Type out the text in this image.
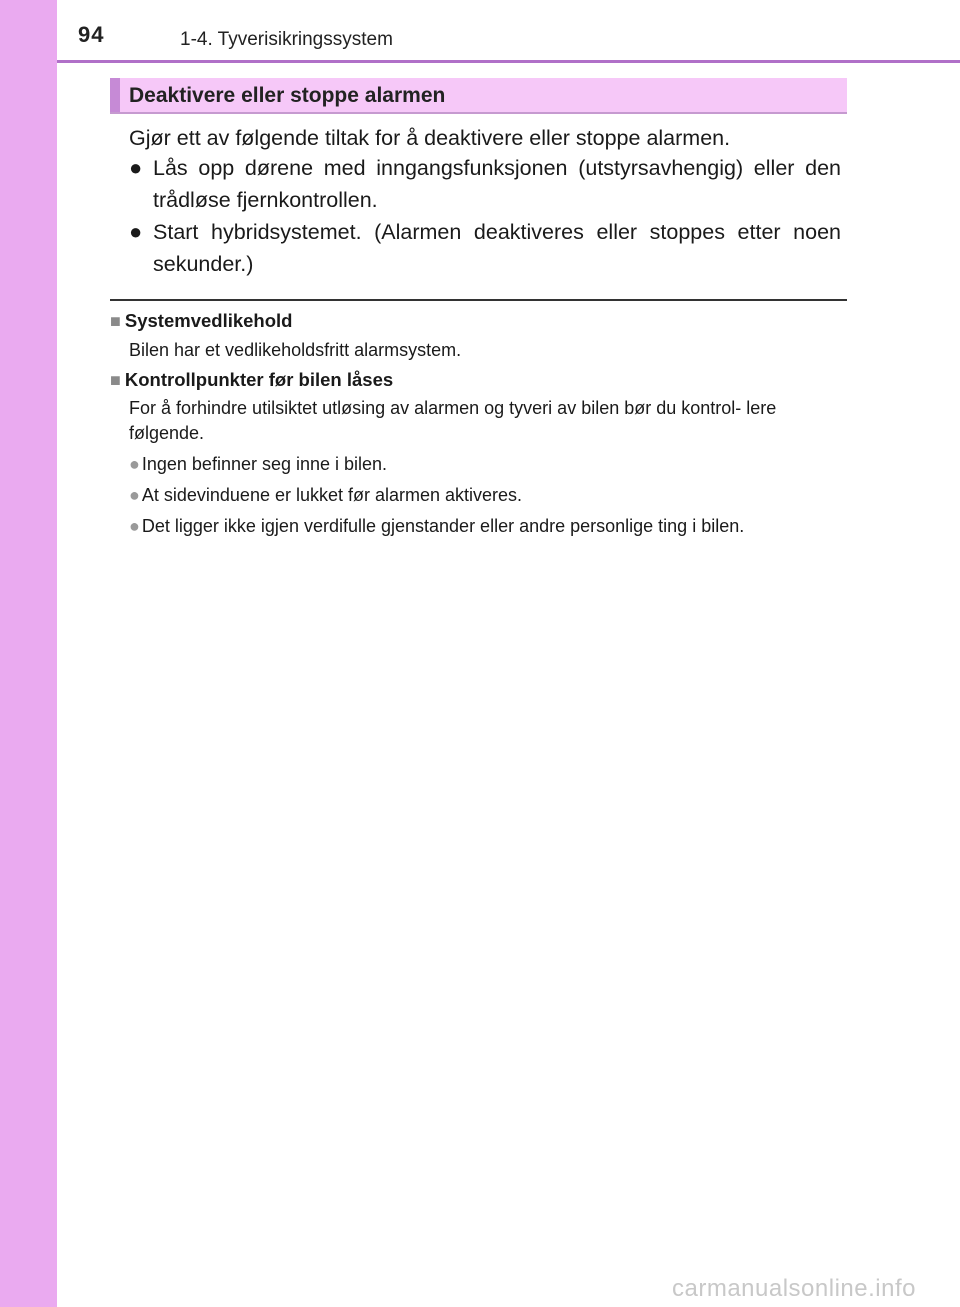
94	1-4. Tyverisikringssystem
Deaktivere eller stoppe alarmen
Gjør ett av følgende tiltak for å deaktivere eller stoppe alarmen.
● Lås opp dørene med inngangsfunksjonen (utstyrsavhengig) eller den trådløse fjernkontrollen.
● Start hybridsystemet. (Alarmen deaktiveres eller stoppes etter noen sekunder.)
■ Systemvedlikehold
Bilen har et vedlikeholdsfritt alarmsystem.
■ Kontrollpunkter før bilen låses
For å forhindre utilsiktet utløsing av alarmen og tyveri av bilen bør du kontrol- lere følgende.
● Ingen befinner seg inne i bilen.
● At sidevinduene er lukket før alarmen aktiveres.
● Det ligger ikke igjen verdifulle gjenstander eller andre personlige ting i bilen.
carmanualsonline.info
